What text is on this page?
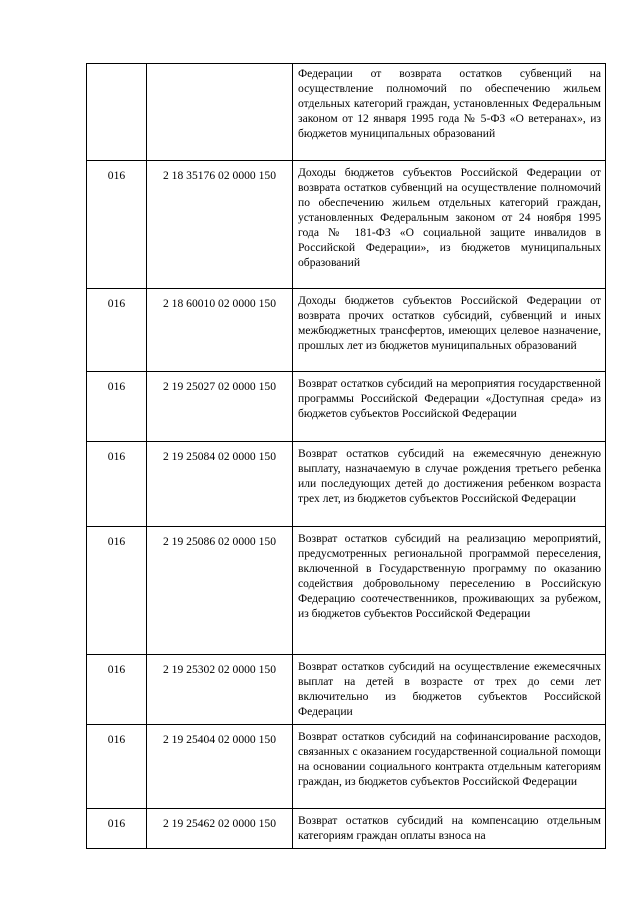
		Федерации от возврата остатков субвенций на осуществление полномочий по обеспечению жильем отдельных категорий граждан, установленных Федеральным законом от 12 января 1995 года № 5-ФЗ «О ветеранах», из бюджетов муниципальных образований
016	2 18 35176 02 0000 150	Доходы бюджетов субъектов Российской Федерации от возврата остатков субвенций на осуществление полномочий по обеспечению жильем отдельных категорий граждан, установленных Федеральным законом от 24 ноября 1995 года № 181-ФЗ «О социальной защите инвалидов в Российской Федерации», из бюджетов муниципальных образований
016	2 18 60010 02 0000 150	Доходы бюджетов субъектов Российской Федерации от возврата прочих остатков субсидий, субвенций и иных межбюджетных трансфертов, имеющих целевое назначение, прошлых лет из бюджетов муниципальных образований
016	2 19 25027 02 0000 150	Возврат остатков субсидий на мероприятия государственной программы Российской Федерации «Доступная среда» из бюджетов субъектов Российской Федерации
016	2 19 25084 02 0000 150	Возврат остатков субсидий на ежемесячную денежную выплату, назначаемую в случае рождения третьего ребенка или последующих детей до достижения ребенком возраста трех лет, из бюджетов субъектов Российской Федерации
016	2 19 25086 02 0000 150	Возврат остатков субсидий на реализацию мероприятий, предусмотренных региональной программой переселения, включенной в Государственную программу по оказанию содействия добровольному переселению в Российскую Федерацию соотечественников, проживающих за рубежом, из бюджетов субъектов Российской Федерации
016	2 19 25302 02 0000 150	Возврат остатков субсидий на осуществление ежемесячных выплат на детей в возрасте от трех до семи лет включительно из бюджетов субъектов Российской Федерации
016	2 19 25404 02 0000 150	Возврат остатков субсидий на софинансирование расходов, связанных с оказанием государственной социальной помощи на основании социального контракта отдельным категориям граждан, из бюджетов субъектов Российской Федерации
016	2 19 25462 02 0000 150	Возврат остатков субсидий на компенсацию отдельным категориям граждан оплаты взноса на
